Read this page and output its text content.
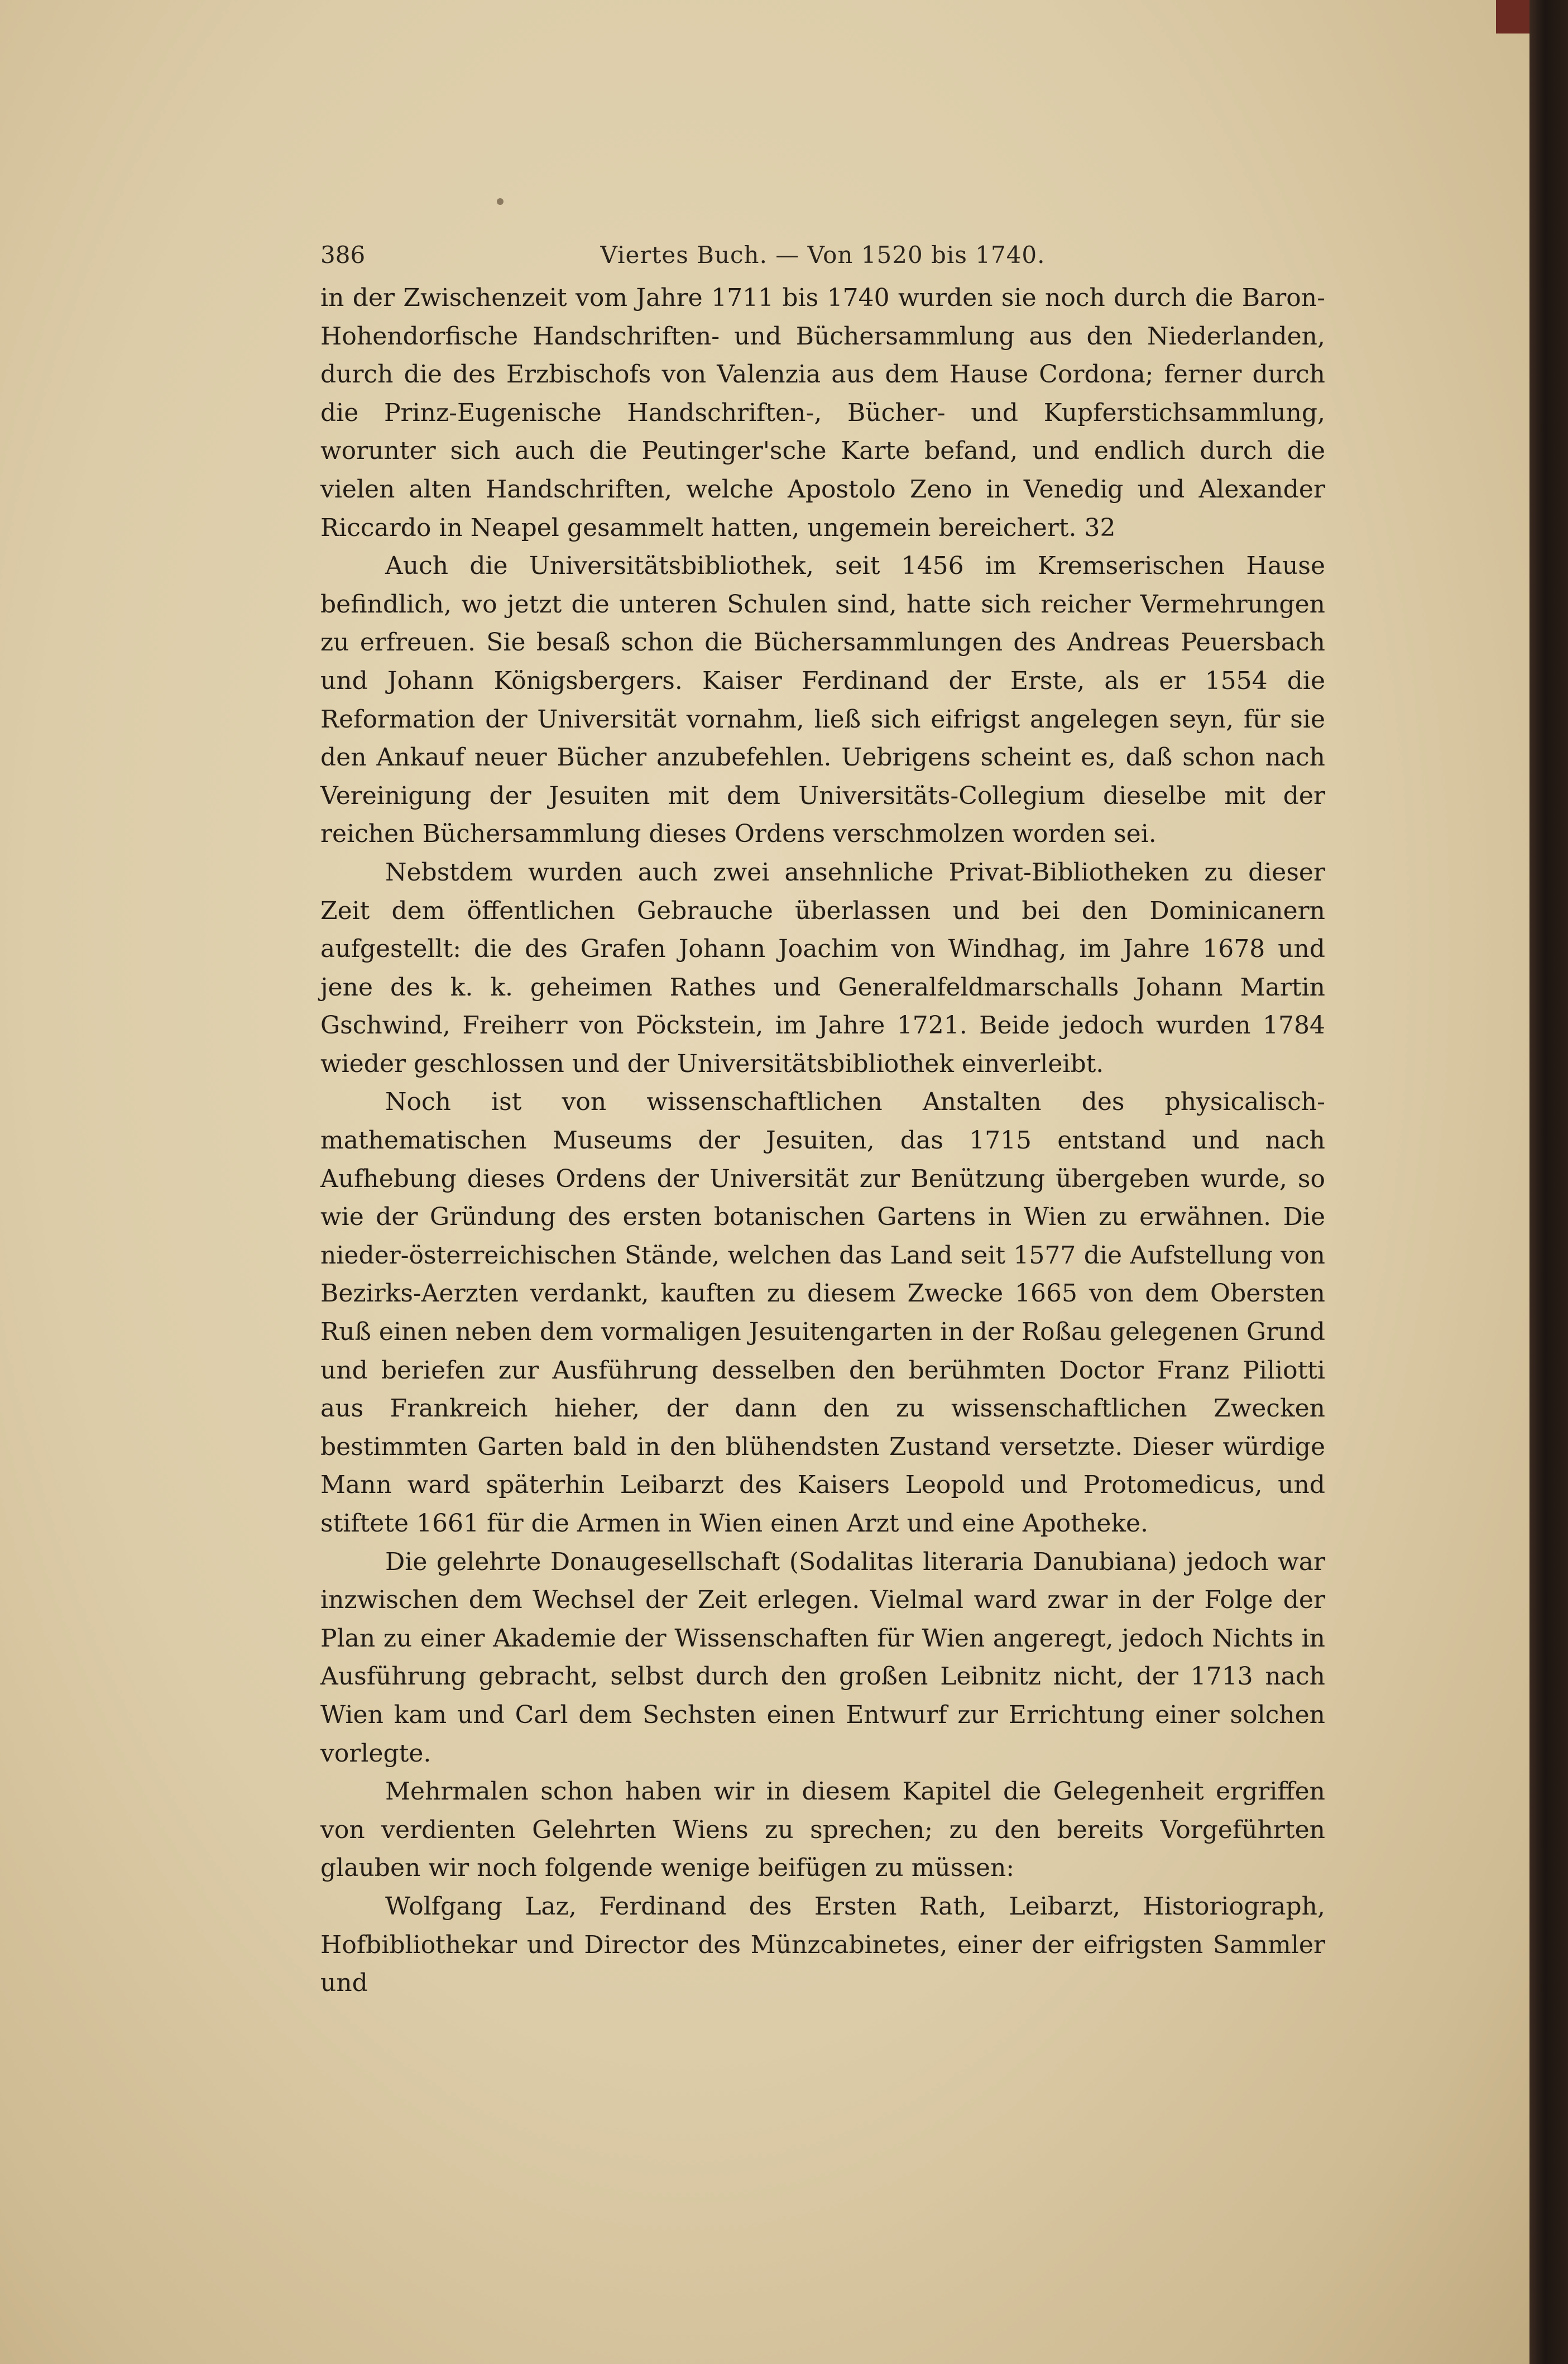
386	Viertes Buch. — Von 1520 bis 1740.

in der Zwischenzeit vom Jahre 1711 bis 1740 wurden sie noch durch die Baron-Hohendorfische Handschriften- und Büchersammlung aus den Niederlanden, durch die des Erzbischofs von Valenzia aus dem Hause Cordona; ferner durch die Prinz-Eugenische Handschriften-, Bücher- und Kupferstichsammlung, worunter sich auch die Peutinger'sche Karte befand, und endlich durch die vielen alten Handschriften, welche Apostolo Zeno in Venedig und Alexander Riccardo in Neapel gesammelt hatten, ungemein bereichert. 32

Auch die Universitätsbibliothek, seit 1456 im Kremserischen Hause befindlich, wo jetzt die unteren Schulen sind, hatte sich reicher Vermehrungen zu erfreuen. Sie besaß schon die Büchersammlungen des Andreas Peuersbach und Johann Königsbergers. Kaiser Ferdinand der Erste, als er 1554 die Reformation der Universität vornahm, ließ sich eifrigst angelegen seyn, für sie den Ankauf neuer Bücher anzubefehlen. Uebrigens scheint es, daß schon nach Vereinigung der Jesuiten mit dem Universitäts-Collegium dieselbe mit der reichen Büchersammlung dieses Ordens verschmolzen worden sei.

Nebstdem wurden auch zwei ansehnliche Privat-Bibliotheken zu dieser Zeit dem öffentlichen Gebrauche überlassen und bei den Dominicanern aufgestellt: die des Grafen Johann Joachim von Windhag, im Jahre 1678 und jene des k. k. geheimen Rathes und Generalfeldmarschalls Johann Martin Gschwind, Freiherr von Pöckstein, im Jahre 1721. Beide jedoch wurden 1784 wieder geschlossen und der Universitätsbibliothek einverleibt.

Noch ist von wissenschaftlichen Anstalten des physicalisch-mathematischen Museums der Jesuiten, das 1715 entstand und nach Aufhebung dieses Ordens der Universität zur Benützung übergeben wurde, so wie der Gründung des ersten botanischen Gartens in Wien zu erwähnen. Die nieder-österreichischen Stände, welchen das Land seit 1577 die Aufstellung von Bezirks-Aerzten verdankt, kauften zu diesem Zwecke 1665 von dem Obersten Ruß einen neben dem vormaligen Jesuitengarten in der Roßau gelegenen Grund und beriefen zur Ausführung desselben den berühmten Doctor Franz Piliotti aus Frankreich hieher, der dann den zu wissenschaftlichen Zwecken bestimmten Garten bald in den blühendsten Zustand versetzte. Dieser würdige Mann ward späterhin Leibarzt des Kaisers Leopold und Protomedicus, und stiftete 1661 für die Armen in Wien einen Arzt und eine Apotheke.

Die gelehrte Donaugesellschaft (Sodalitas literaria Danubiana) jedoch war inzwischen dem Wechsel der Zeit erlegen. Vielmal ward zwar in der Folge der Plan zu einer Akademie der Wissenschaften für Wien angeregt, jedoch Nichts in Ausführung gebracht, selbst durch den großen Leibnitz nicht, der 1713 nach Wien kam und Carl dem Sechsten einen Entwurf zur Errichtung einer solchen vorlegte.

Mehrmalen schon haben wir in diesem Kapitel die Gelegenheit ergriffen von verdienten Gelehrten Wiens zu sprechen; zu den bereits Vorgeführten glauben wir noch folgende wenige beifügen zu müssen:

Wolfgang Laz, Ferdinand des Ersten Rath, Leibarzt, Historiograph, Hofbibliothekar und Director des Münzcabinetes, einer der eifrigsten Sammler und
